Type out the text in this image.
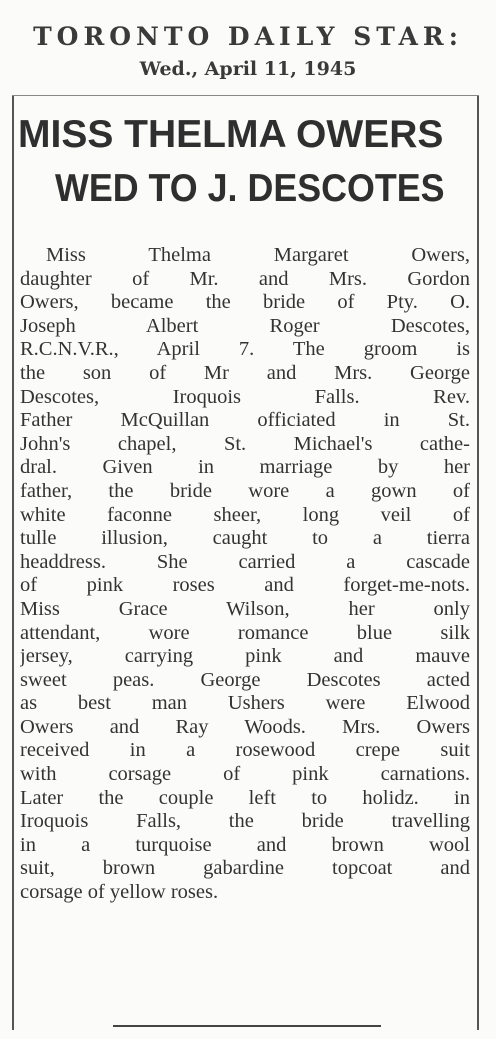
TORONTO DAILY STAR:
Wed., April 11, 1945
MISS THELMA OWERS
WED TO J. DESCOTES
Miss Thelma Margaret Owers,
daughter of Mr. and Mrs. Gordon
Owers, became the bride of Pty. O.
Joseph Albert Roger Descotes,
R.C.N.V.R., April 7. The groom is
the son of Mr and Mrs. George
Descotes, Iroquois Falls. Rev.
Father McQuillan officiated in St.
John's chapel, St. Michael's cathe-
dral. Given in marriage by her
father, the bride wore a gown of
white faconne sheer, long veil of
tulle illusion, caught to a tierra
headdress. She carried a cascade
of pink roses and forget-me-nots.
Miss Grace Wilson, her only
attendant, wore romance blue silk
jersey, carrying pink and mauve
sweet peas. George Descotes acted
as best man Ushers were Elwood
Owers and Ray Woods. Mrs. Owers
received in a rosewood crepe suit
with corsage of pink carnations.
Later the couple left to holidz. in
Iroquois Falls, the bride travelling
in a turquoise and brown wool
suit, brown gabardine topcoat and
corsage of yellow roses.
